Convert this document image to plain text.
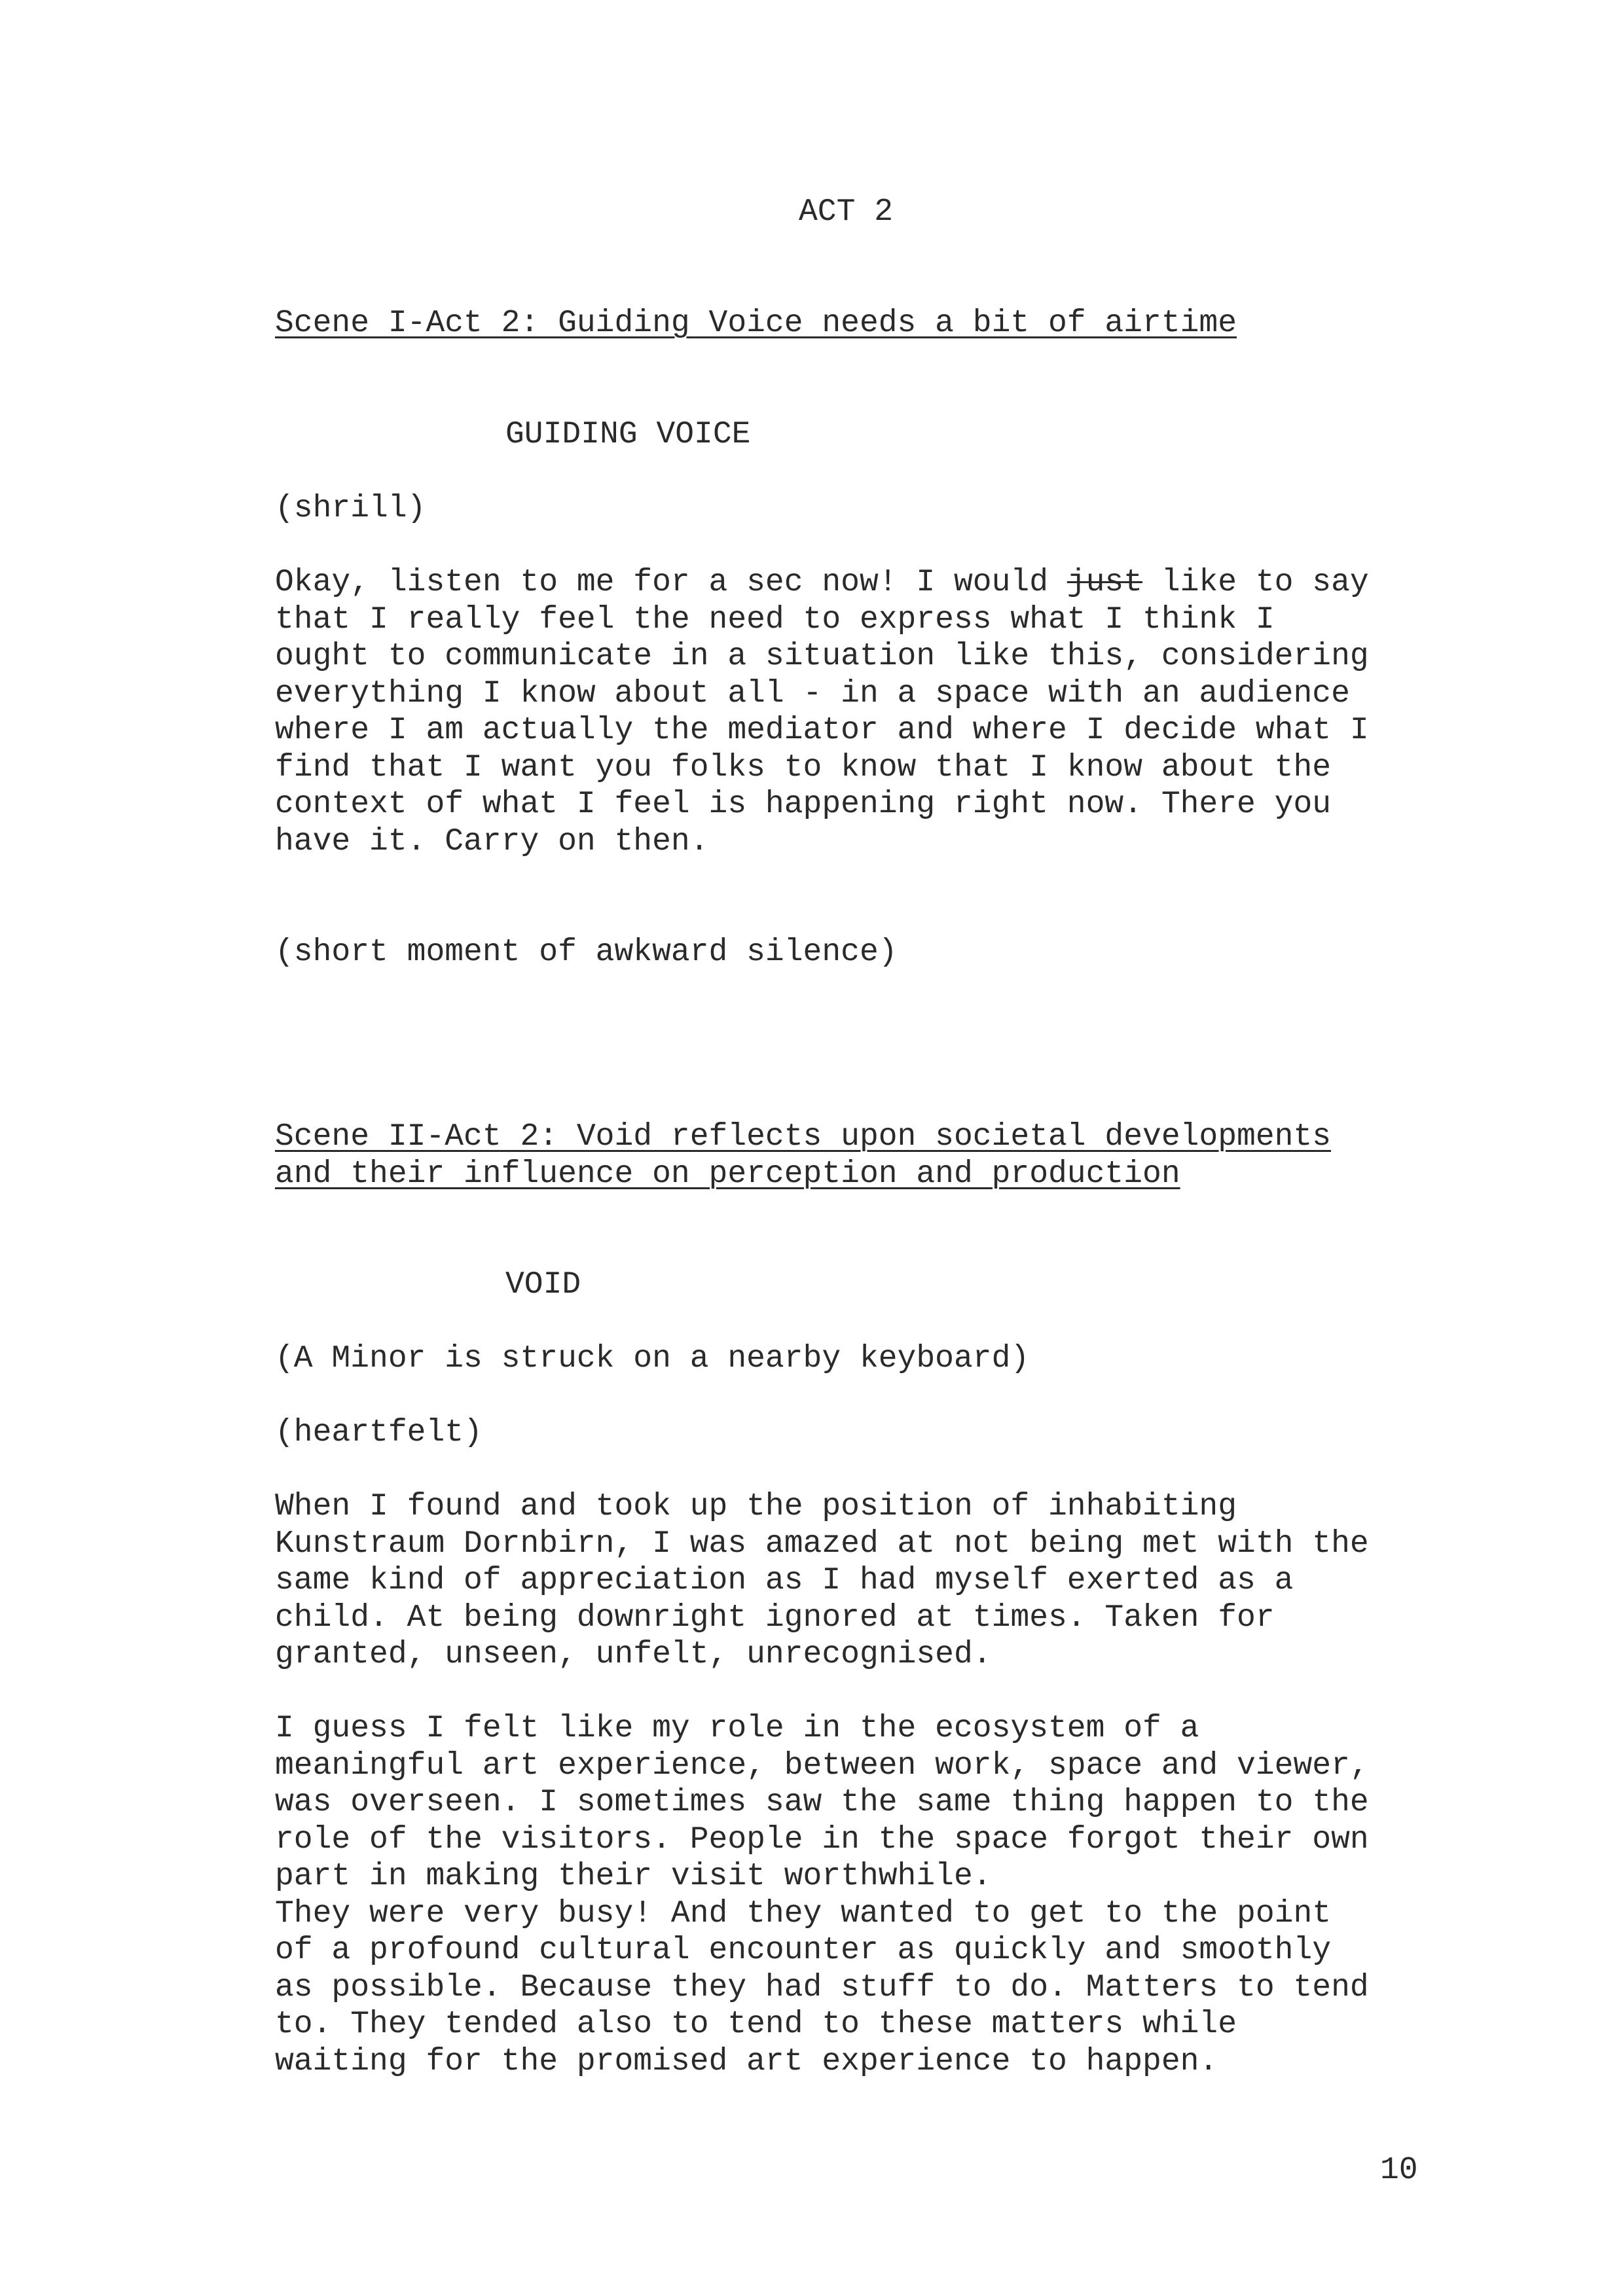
ACT 2

Scene I-Act 2: Guiding Voice needs a bit of airtime

GUIDING VOICE

(shrill)

Okay, listen to me for a sec now! I would just like to say
that I really feel the need to express what I think I
ought to communicate in a situation like this, considering
everything I know about all - in a space with an audience
where I am actually the mediator and where I decide what I
find that I want you folks to know that I know about the
context of what I feel is happening right now. There you
have it. Carry on then.

(short moment of awkward silence)

Scene II-Act 2: Void reflects upon societal developments
and their influence on perception and production

VOID

(A Minor is struck on a nearby keyboard)

(heartfelt)

When I found and took up the position of inhabiting
Kunstraum Dornbirn, I was amazed at not being met with the
same kind of appreciation as I had myself exerted as a
child. At being downright ignored at times. Taken for
granted, unseen, unfelt, unrecognised.
I guess I felt like my role in the ecosystem of a
meaningful art experience, between work, space and viewer,
was overseen. I sometimes saw the same thing happen to the
role of the visitors. People in the space forgot their own
part in making their visit worthwhile.
They were very busy! And they wanted to get to the point
of a profound cultural encounter as quickly and smoothly
as possible. Because they had stuff to do. Matters to tend
to. They tended also to tend to these matters while
waiting for the promised art experience to happen.

10
